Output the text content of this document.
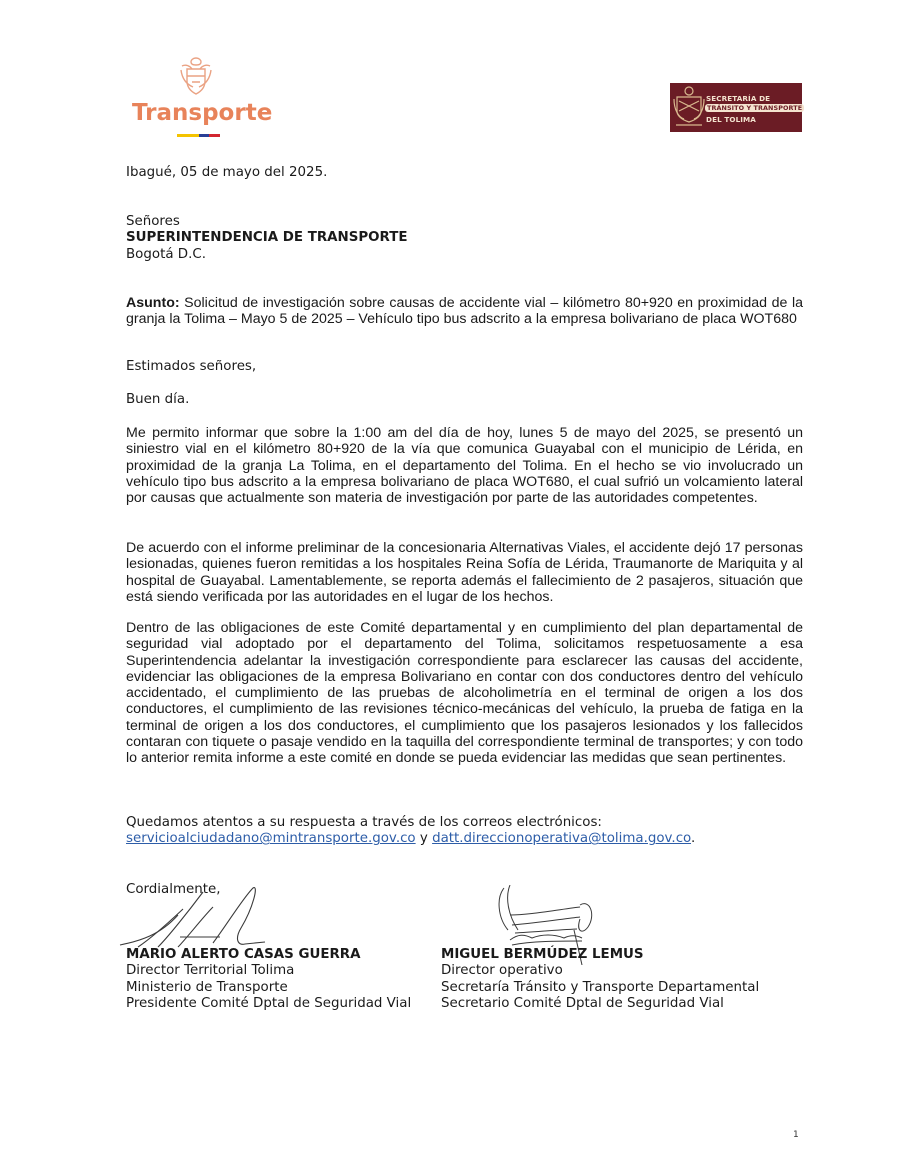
Transporte
SECRETARÍA DE
TRÁNSITO Y TRANSPORTE
DEL TOLIMA
Ibagué, 05 de mayo del 2025.
Señores
SUPERINTENDENCIA DE TRANSPORTE
Bogotá D.C.
Asunto: Solicitud de investigación sobre causas de accidente vial – kilómetro 80+920 en proximidad de la granja la Tolima – Mayo 5 de 2025 – Vehículo tipo bus adscrito a la empresa bolivariano de placa WOT680
Estimados señores,
Buen día.
Me permito informar que sobre la 1:00 am del día de hoy, lunes 5 de mayo del 2025, se presentó un siniestro vial en el kilómetro 80+920 de la vía que comunica Guayabal con el municipio de Lérida, en proximidad de la granja La Tolima, en el departamento del Tolima. En el hecho se vio involucrado un vehículo tipo bus adscrito a la empresa bolivariano de placa WOT680, el cual sufrió un volcamiento lateral por causas que actualmente son materia de investigación por parte de las autoridades competentes.
De acuerdo con el informe preliminar de la concesionaria Alternativas Viales, el accidente dejó 17 personas lesionadas, quienes fueron remitidas a los hospitales Reina Sofía de Lérida, Traumanorte de Mariquita y al hospital de Guayabal. Lamentablemente, se reporta además el fallecimiento de 2 pasajeros, situación que está siendo verificada por las autoridades en el lugar de los hechos.
Dentro de las obligaciones de este Comité departamental y en cumplimiento del plan departamental de seguridad vial adoptado por el departamento del Tolima, solicitamos respetuosamente a esa Superintendencia adelantar la investigación correspondiente para esclarecer las causas del accidente, evidenciar las obligaciones de la empresa Bolivariano en contar con dos conductores dentro del vehículo accidentado, el cumplimiento de las pruebas de alcoholimetría en el terminal de origen a los dos conductores, el cumplimiento de las revisiones técnico-mecánicas del vehículo, la prueba de fatiga en la terminal de origen a los dos conductores, el cumplimiento que los pasajeros lesionados y los fallecidos contaran con tiquete o pasaje vendido en la taquilla del correspondiente terminal de transportes; y con todo lo anterior remita informe a este comité en donde se pueda evidenciar las medidas que sean pertinentes.
Quedamos atentos a su respuesta a través de los correos electrónicos:
servicioalciudadano@mintransporte.gov.co y datt.direccionoperativa@tolima.gov.co.
Cordialmente,
MARIO ALERTO CASAS GUERRA
Director Territorial Tolima
Ministerio de Transporte
Presidente Comité Dptal de Seguridad Vial
MIGUEL BERMÚDEZ LEMUS
Director operativo
Secretaría Tránsito y Transporte Departamental
Secretario Comité Dptal de Seguridad Vial
1
